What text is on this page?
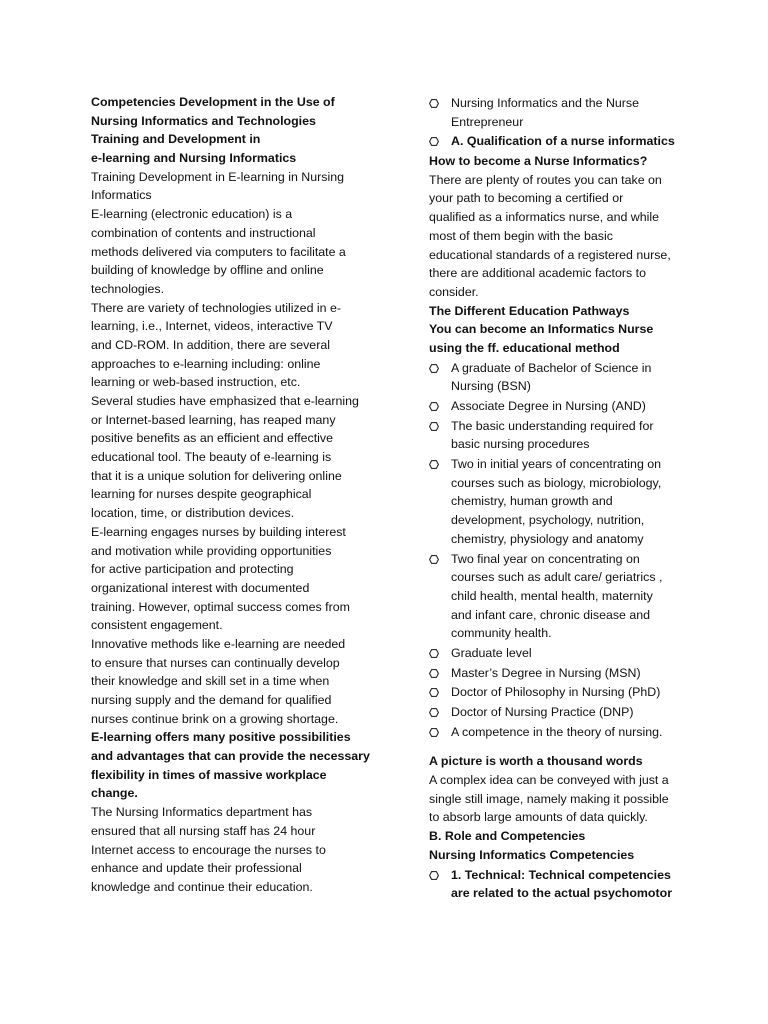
Competencies Development in the Use of
Nursing Informatics and Technologies
Training and Development in
e-learning and Nursing Informatics
Training Development in E-learning in Nursing
Informatics
E-learning (electronic education) is a
combination of contents and instructional
methods delivered via computers to facilitate a
building of knowledge by offline and online
technologies.
There are variety of technologies utilized in e-
learning, i.e., Internet, videos, interactive TV
and CD-ROM. In addition, there are several
approaches to e-learning including: online
learning or web-based instruction, etc.
Several studies have emphasized that e-learning
or Internet-based learning, has reaped many
positive benefits as an efficient and effective
educational tool. The beauty of e-learning is
that it is a unique solution for delivering online
learning for nurses despite geographical
location, time, or distribution devices.
E-learning engages nurses by building interest
and motivation while providing opportunities
for active participation and protecting
organizational interest with documented
training. However, optimal success comes from
consistent engagement.
Innovative methods like e-learning are needed
to ensure that nurses can continually develop
their knowledge and skill set in a time when
nursing supply and the demand for qualified
nurses continue brink on a growing shortage.
E-learning offers many positive possibilities
and advantages that can provide the necessary
flexibility in times of massive workplace
change.
The Nursing Informatics department has
ensured that all nursing staff has 24 hour
Internet access to encourage the nurses to
enhance and update their professional
knowledge and continue their education.
Nursing Informatics and the Nurse
Entrepreneur
A. Qualification of a nurse informatics
How to become a Nurse Informatics?
There are plenty of routes you can take on
your path to becoming a certified or
qualified as a informatics nurse, and while
most of them begin with the basic
educational standards of a registered nurse,
there are additional academic factors to
consider.
The Different Education Pathways
You can become an Informatics Nurse
using the ff. educational method
A graduate of Bachelor of Science in
Nursing (BSN)
Associate Degree in Nursing (AND)
The basic understanding required for
basic nursing procedures
Two in initial years of concentrating on
courses such as biology, microbiology,
chemistry, human growth and
development, psychology, nutrition,
chemistry, physiology and anatomy
Two final year on concentrating on
courses such as adult care/ geriatrics ,
child health, mental health, maternity
and infant care, chronic disease and
community health.
Graduate level
Master’s Degree in Nursing (MSN)
Doctor of Philosophy in Nursing (PhD)
Doctor of Nursing Practice (DNP)
A competence in the theory of nursing.
A picture is worth a thousand words
A complex idea can be conveyed with just a
single still image, namely making it possible
to absorb large amounts of data quickly.
B. Role and Competencies
Nursing Informatics Competencies
1. Technical: Technical competencies
are related to the actual psychomotor
